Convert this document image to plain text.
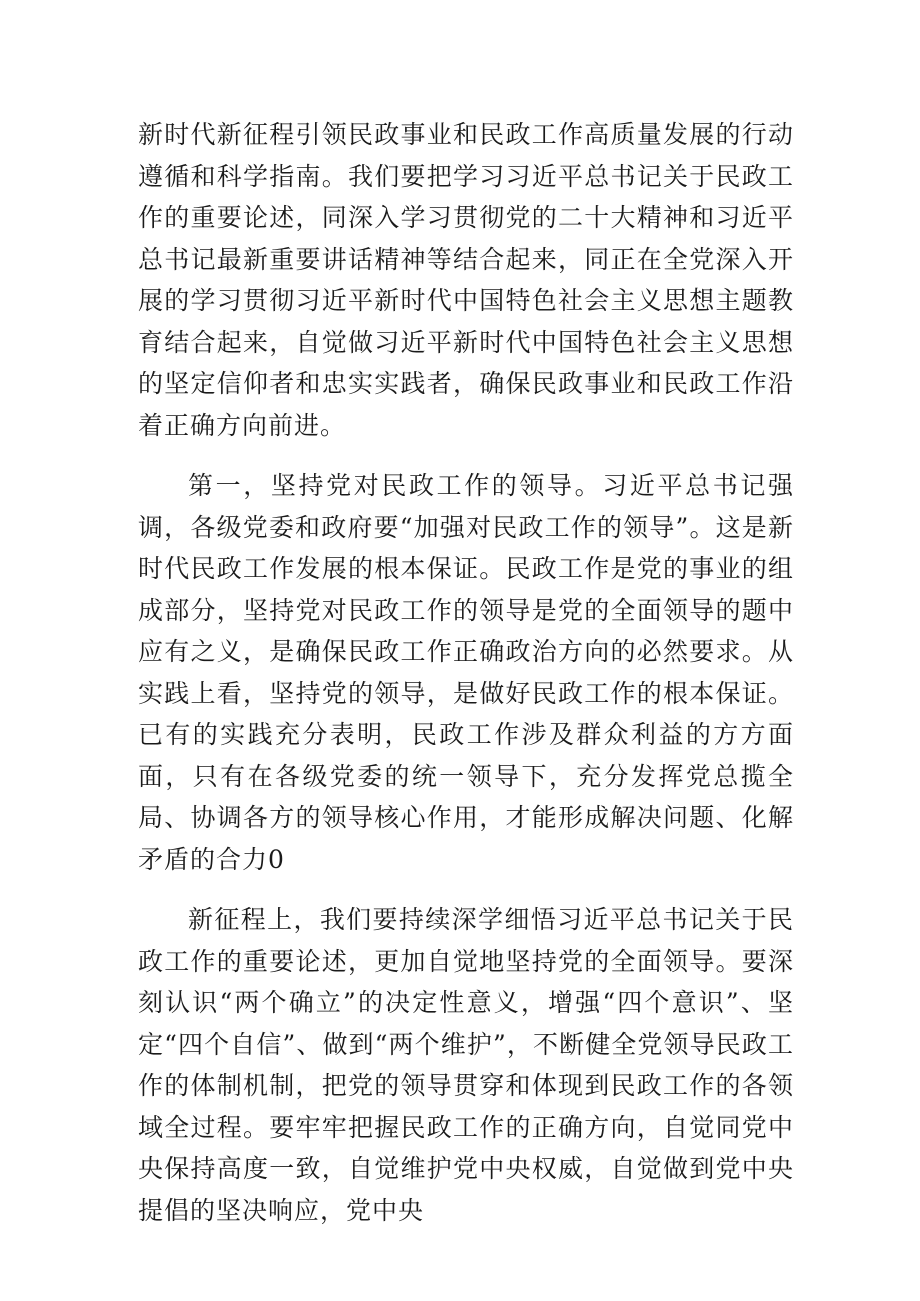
新时代新征程引领民政事业和民政工作高质量发展的行动遵循和科学指南。我们要把学习习近平总书记关于民政工作的重要论述，同深入学习贯彻党的二十大精神和习近平总书记最新重要讲话精神等结合起来，同正在全党深入开展的学习贯彻习近平新时代中国特色社会主义思想主题教育结合起来，自觉做习近平新时代中国特色社会主义思想的坚定信仰者和忠实实践者，确保民政事业和民政工作沿着正确方向前进。

第一，坚持党对民政工作的领导。习近平总书记强调，各级党委和政府要“加强对民政工作的领导”。这是新时代民政工作发展的根本保证。民政工作是党的事业的组成部分，坚持党对民政工作的领导是党的全面领导的题中应有之义，是确保民政工作正确政治方向的必然要求。从实践上看，坚持党的领导，是做好民政工作的根本保证。已有的实践充分表明，民政工作涉及群众利益的方方面面，只有在各级党委的统一领导下，充分发挥党总揽全局、协调各方的领导核心作用，才能形成解决问题、化解矛盾的合力0

新征程上，我们要持续深学细悟习近平总书记关于民政工作的重要论述，更加自觉地坚持党的全面领导。要深刻认识“两个确立”的决定性意义，增强“四个意识”、坚定“四个自信”、做到“两个维护”，不断健全党领导民政工作的体制机制，把党的领导贯穿和体现到民政工作的各领域全过程。要牢牢把握民政工作的正确方向，自觉同党中央保持高度一致，自觉维护党中央权威，自觉做到党中央提倡的坚决响应，党中央
